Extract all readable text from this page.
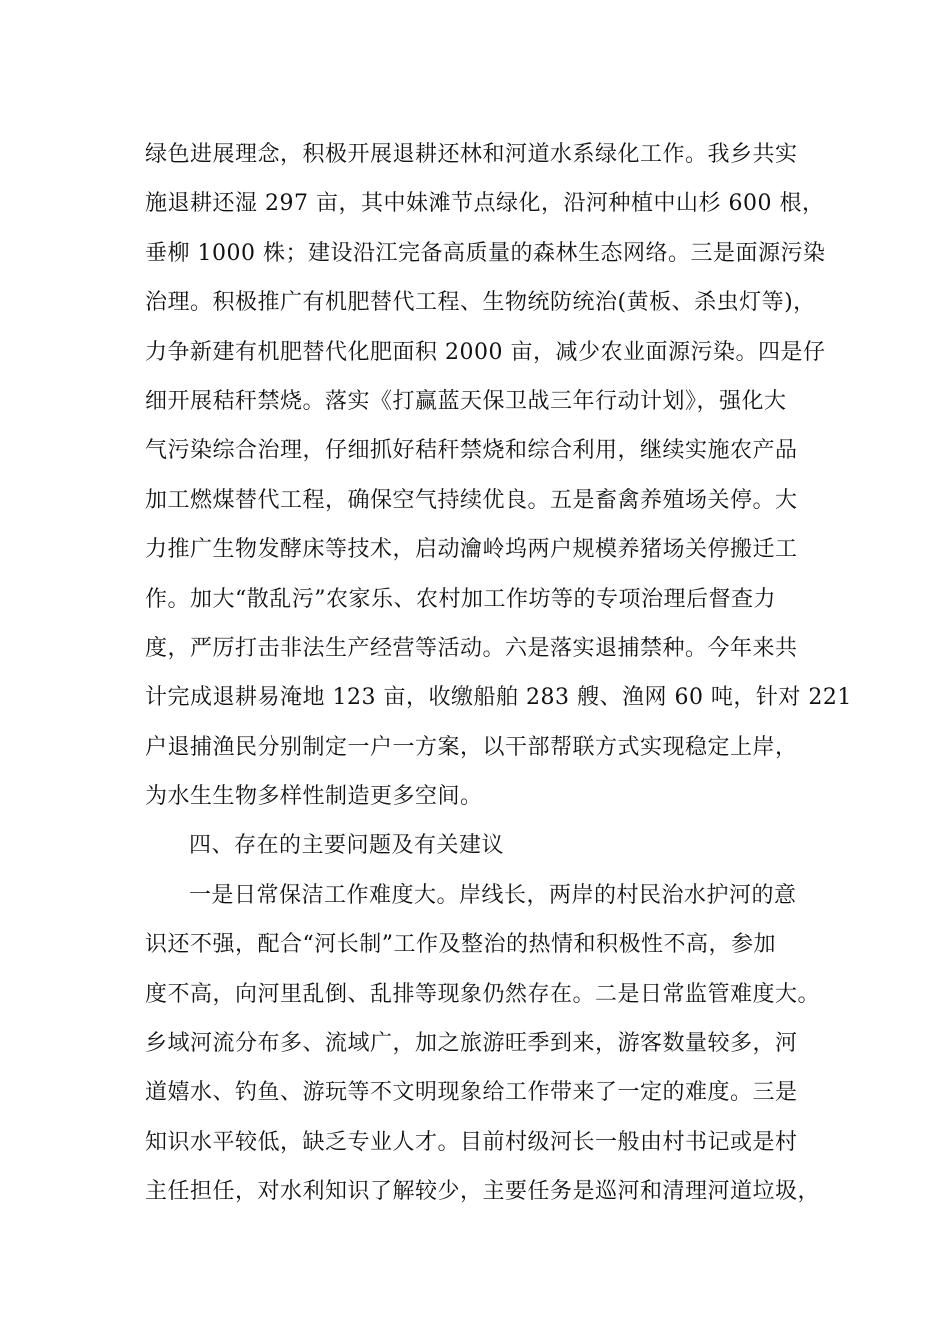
绿色进展理念，积极开展退耕还林和河道水系绿化工作。我乡共实
施退耕还湿 297 亩，其中妹滩节点绿化，沿河种植中山杉 600 根，
垂柳 1000 株；建设沿江完备高质量的森林生态网络。三是面源污染
治理。积极推广有机肥替代工程、生物统防统治(黄板、杀虫灯等)，
力争新建有机肥替代化肥面积 2000 亩，减少农业面源污染。四是仔
细开展秸秆禁烧。落实《打赢蓝天保卫战三年行动计划》，强化大
气污染综合治理，仔细抓好秸秆禁烧和综合利用，继续实施农产品
加工燃煤替代工程，确保空气持续优良。五是畜禽养殖场关停。大
力推广生物发酵床等技术，启动瀹岭坞两户规模养猪场关停搬迁工
作。加大“散乱污”农家乐、农村加工作坊等的专项治理后督查力
度，严厉打击非法生产经营等活动。六是落实退捕禁种。今年来共
计完成退耕易淹地 123 亩，收缴船舶 283 艘、渔网 60 吨，针对 221
户退捕渔民分别制定一户一方案，以干部帮联方式实现稳定上岸，
为水生生物多样性制造更多空间。
四、存在的主要问题及有关建议
一是日常保洁工作难度大。岸线长，两岸的村民治水护河的意
识还不强，配合“河长制”工作及整治的热情和积极性不高，参加
度不高，向河里乱倒、乱排等现象仍然存在。二是日常监管难度大。
乡域河流分布多、流域广，加之旅游旺季到来，游客数量较多，河
道嬉水、钓鱼、游玩等不文明现象给工作带来了一定的难度。三是
知识水平较低，缺乏专业人才。目前村级河长一般由村书记或是村
主任担任，对水利知识了解较少，主要任务是巡河和清理河道垃圾，
